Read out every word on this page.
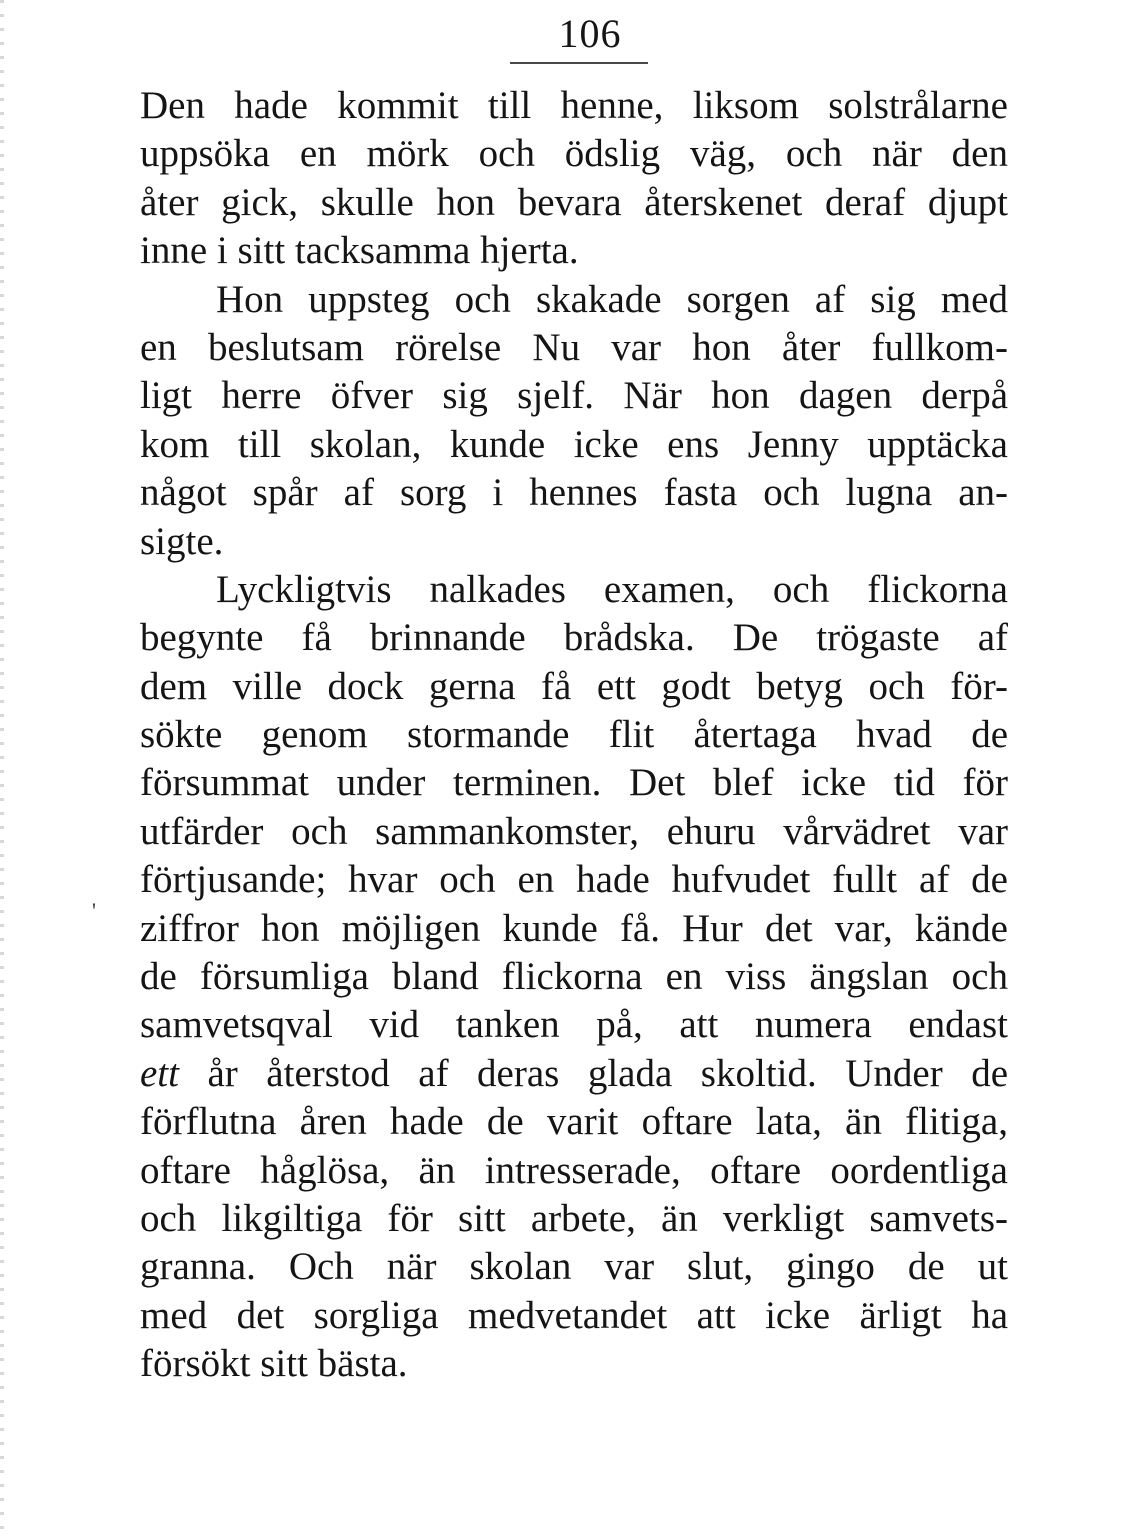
106
'
Den hade kommit till henne, liksom solstrålarne
uppsöka en mörk och ödslig väg, och när den
åter gick, skulle hon bevara återskenet deraf djupt
inne i sitt tacksamma hjerta.
Hon uppsteg och skakade sorgen af sig med
en beslutsam rörelse Nu var hon åter fullkom-
ligt herre öfver sig sjelf. När hon dagen derpå
kom till skolan, kunde icke ens Jenny upptäcka
något spår af sorg i hennes fasta och lugna an-
sigte.
Lyckligtvis nalkades examen, och flickorna
begynte få brinnande brådska. De trögaste af
dem ville dock gerna få ett godt betyg och för-
sökte genom stormande flit återtaga hvad de
försummat under terminen. Det blef icke tid för
utfärder och sammankomster, ehuru vårvädret var
förtjusande; hvar och en hade hufvudet fullt af de
ziffror hon möjligen kunde få. Hur det var, kände
de försumliga bland flickorna en viss ängslan och
samvetsqval vid tanken på, att numera endast
ett år återstod af deras glada skoltid. Under de
förflutna åren hade de varit oftare lata, än flitiga,
oftare håglösa, än intresserade, oftare oordentliga
och likgiltiga för sitt arbete, än verkligt samvets-
granna. Och när skolan var slut, gingo de ut
med det sorgliga medvetandet att icke ärligt ha
försökt sitt bästa.
